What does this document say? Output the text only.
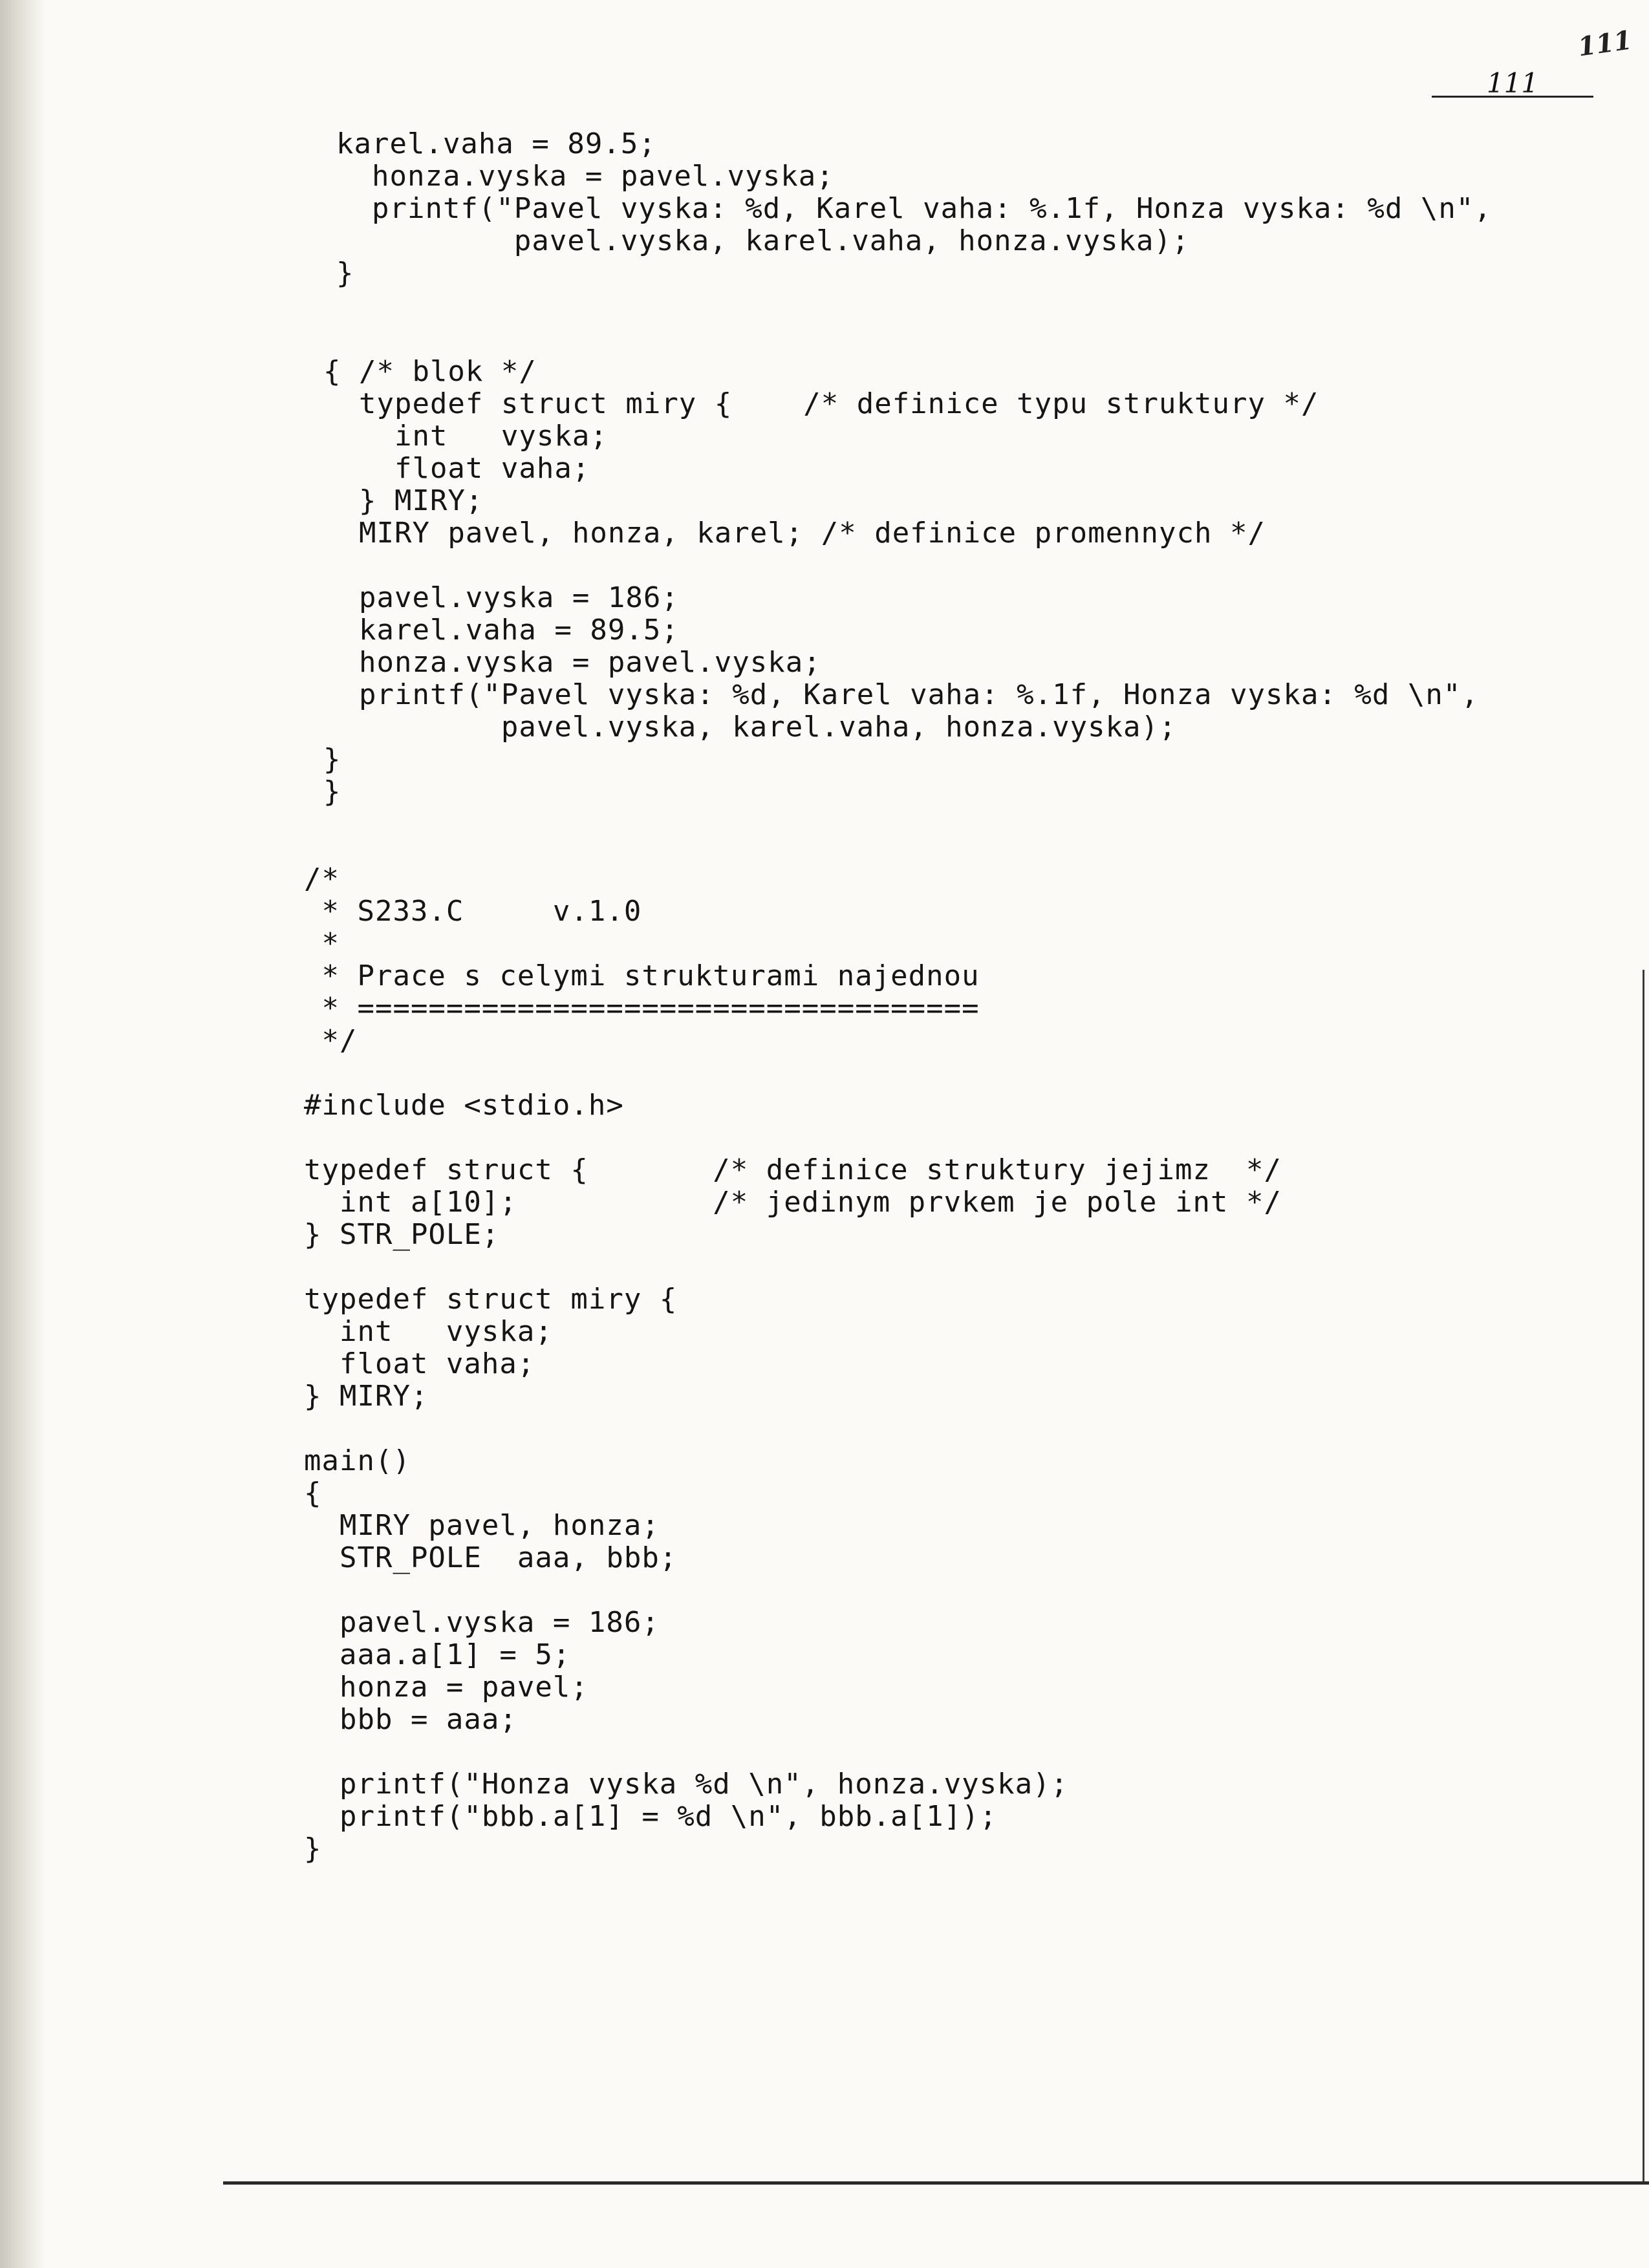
111
111
karel.vaha = 89.5;
honza.vyska = pavel.vyska;
printf("Pavel vyska: %d, Karel vaha: %.1f, Honza vyska: %d \n",
pavel.vyska, karel.vaha, honza.vyska);
}
{ /* blok */
typedef struct miry {    /* definice typu struktury */
int   vyska;
float vaha;
} MIRY;
MIRY pavel, honza, karel; /* definice promennych */

pavel.vyska = 186;
karel.vaha = 89.5;
honza.vyska = pavel.vyska;
printf("Pavel vyska: %d, Karel vaha: %.1f, Honza vyska: %d \n",
pavel.vyska, karel.vaha, honza.vyska);
}
}
/*
* S233.C     v.1.0
*
* Prace s celymi strukturami najednou
* ===================================
*/

#include <stdio.h>

typedef struct {       /* definice struktury jejimz  */
int a[10];           /* jedinym prvkem je pole int */
} STR_POLE;

typedef struct miry {
int   vyska;
float vaha;
} MIRY;

main()
{
MIRY pavel, honza;
STR_POLE  aaa, bbb;

pavel.vyska = 186;
aaa.a[1] = 5;
honza = pavel;
bbb = aaa;

printf("Honza vyska %d \n", honza.vyska);
printf("bbb.a[1] = %d \n", bbb.a[1]);
}
